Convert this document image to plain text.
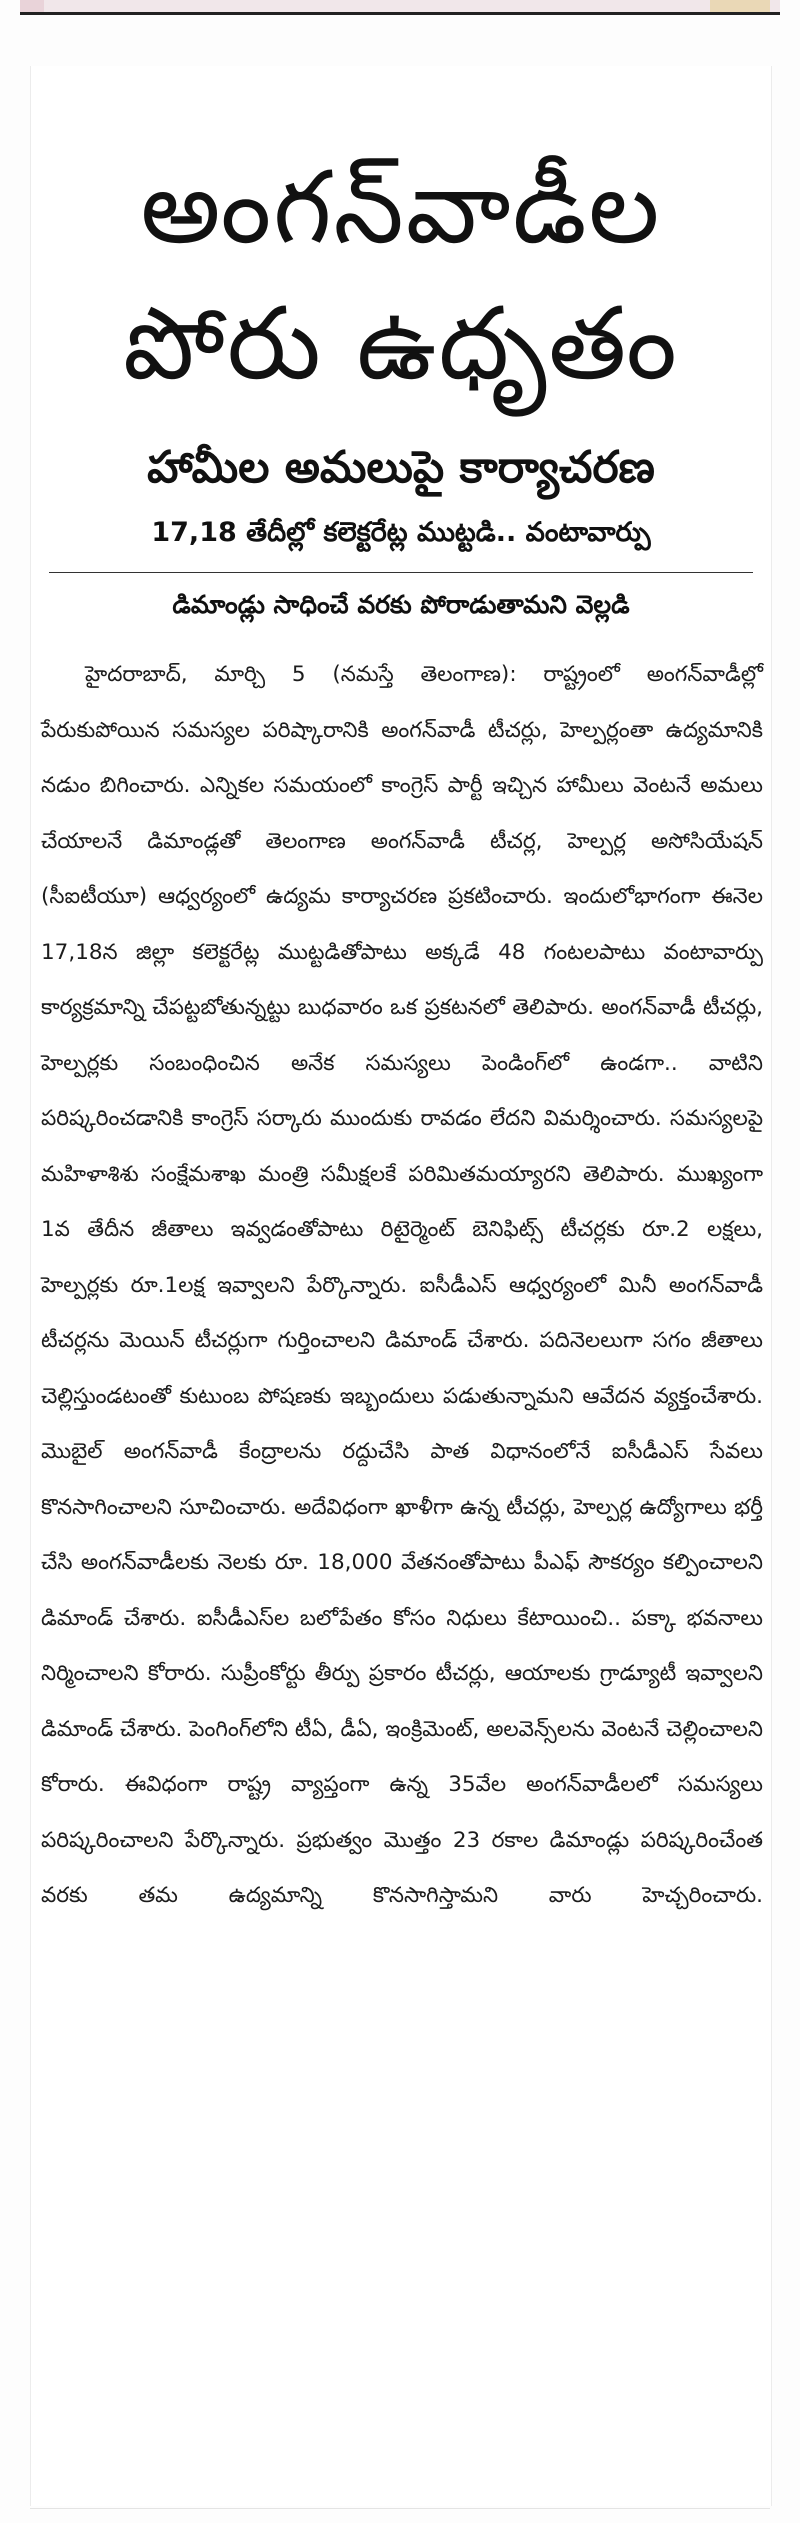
అంగన్‌వాడీల
పోరు ఉధృతం
హామీల అమలుపై కార్యాచరణ
17,18 తేదీల్లో కలెక్టరేట్ల ముట్టడి.. వంటావార్పు
డిమాండ్లు సాధించే వరకు పోరాడుతామని వెల్లడి

హైదరాబాద్, మార్చి 5 (నమస్తే తెలంగాణ): రాష్ట్రంలో అంగన్‌వాడీల్లో పేరుకుపోయిన సమస్యల పరిష్కారానికి అంగన్‌వాడీ టీచర్లు, హెల్పర్లంతా ఉద్యమానికి నడుం బిగించారు. ఎన్నికల సమయంలో కాంగ్రెస్ పార్టీ ఇచ్చిన హామీలు వెంటనే అమలు చేయాలనే డిమాండ్లతో తెలంగాణ అంగన్‌వాడీ టీచర్ల, హెల్పర్ల అసోసియేషన్ (సీఐటీయూ) ఆధ్వర్యంలో ఉద్యమ కార్యాచరణ ప్రకటించారు. ఇందులోభాగంగా ఈనెల 17,18న జిల్లా కలెక్టరేట్ల ముట్టడితోపాటు అక్కడే 48 గంటలపాటు వంటావార్పు కార్యక్రమాన్ని చేపట్టబోతున్నట్టు బుధవారం ఒక ప్రకటనలో తెలిపారు. అంగన్‌వాడీ టీచర్లు, హెల్పర్లకు సంబంధించిన అనేక సమస్యలు పెండింగ్‌లో ఉండగా.. వాటిని పరిష్కరించడానికి కాంగ్రెస్ సర్కారు ముందుకు రావడం లేదని విమర్శించారు. సమస్యలపై మహిళాశిశు సంక్షేమశాఖ మంత్రి సమీక్షలకే పరిమితమయ్యారని తెలిపారు. ముఖ్యంగా 1వ తేదీన జీతాలు ఇవ్వడంతోపాటు రిటైర్మెంట్ బెనిఫిట్స్ టీచర్లకు రూ.2 లక్షలు, హెల్పర్లకు రూ.1లక్ష ఇవ్వాలని పేర్కొన్నారు. ఐసీడీఎస్ ఆధ్వర్యంలో మినీ అంగన్‌వాడీ టీచర్లను మెయిన్ టీచర్లుగా గుర్తించాలని డిమాండ్ చేశారు. పదినెలలుగా సగం జీతాలు చెల్లిస్తుండటంతో కుటుంబ పోషణకు ఇబ్బందులు పడుతున్నామని ఆవేదన వ్యక్తంచేశారు. మొబైల్ అంగన్‌వాడీ కేంద్రాలను రద్దుచేసి పాత విధానంలోనే ఐసీడీఎస్ సేవలు కొనసాగించాలని సూచించారు. అదేవిధంగా ఖాళీగా ఉన్న టీచర్లు, హెల్పర్ల ఉద్యోగాలు భర్తీ చేసి అంగన్‌వాడీలకు నెలకు రూ. 18,000 వేతనంతోపాటు పీఎఫ్ సౌకర్యం కల్పించాలని డిమాండ్ చేశారు. ఐసీడీఎస్‌ల బలోపేతం కోసం నిధులు కేటాయించి.. పక్కా భవనాలు నిర్మించాలని కోరారు. సుప్రీంకోర్టు తీర్పు ప్రకారం టీచర్లు, ఆయాలకు గ్రాడ్యూటీ ఇవ్వాలని డిమాండ్ చేశారు. పెంగింగ్‌లోని టీఏ, డీఏ, ఇంక్రిమెంట్, అలవెన్స్‌లను వెంటనే చెల్లించాలని కోరారు. ఈవిధంగా రాష్ట్ర వ్యాప్తంగా ఉన్న 35వేల అంగన్‌వాడీలలో సమస్యలు పరిష్కరించాలని పేర్కొన్నారు. ప్రభుత్వం మొత్తం 23 రకాల డిమాండ్లు పరిష్కరించేంత వరకు తమ ఉద్యమాన్ని కొనసాగిస్తామని వారు హెచ్చరించారు.
